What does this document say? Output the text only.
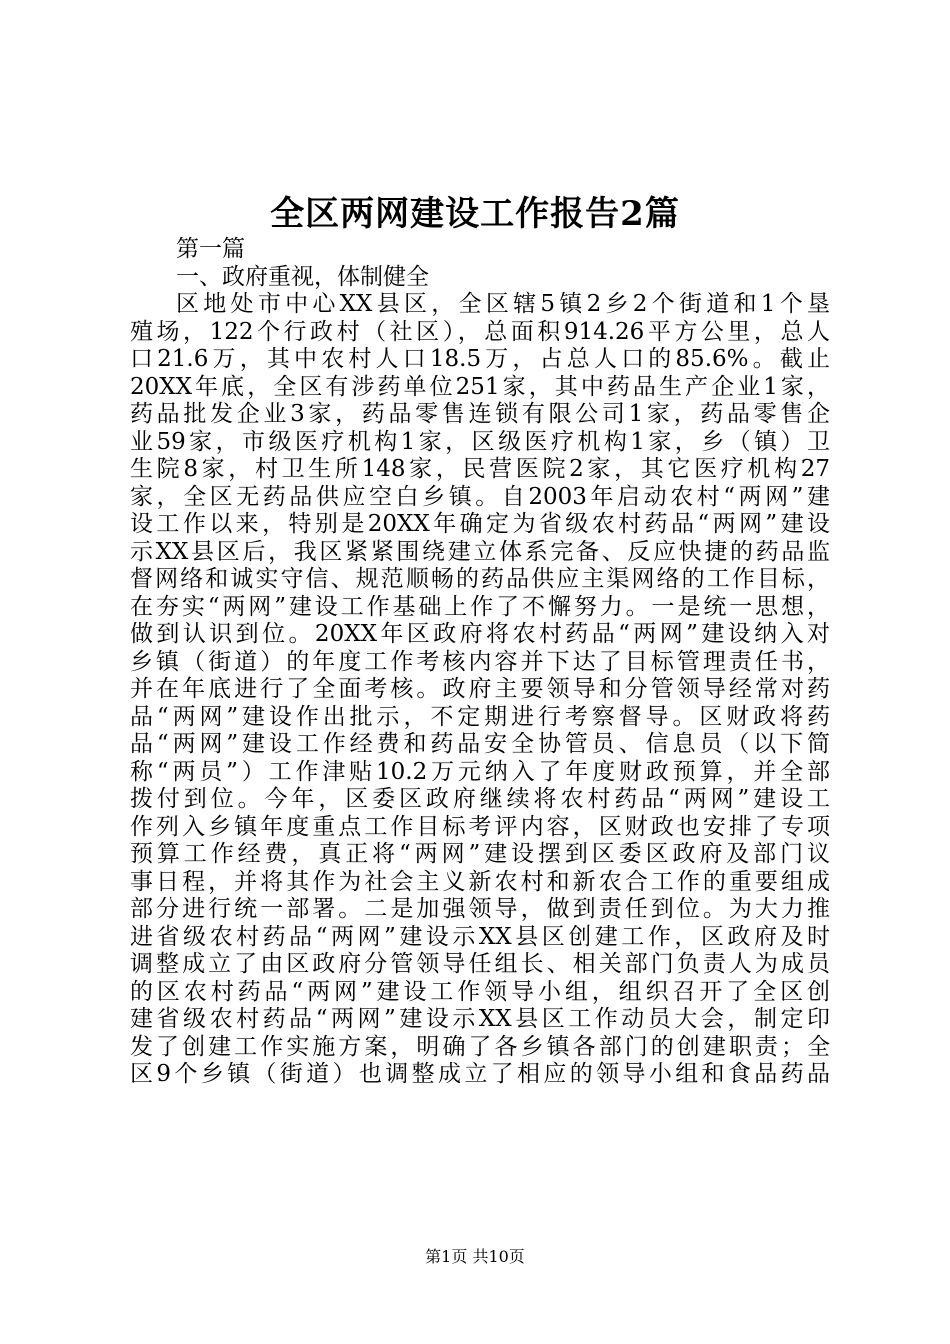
全区两网建设工作报告2篇
第一篇
一、政府重视，体制健全
区地处市中心XX县区，全区辖5镇2乡2个街道和1个垦
殖场，122个行政村（社区），总面积914.26平方公里，总人
口21.6万，其中农村人口18.5万，占总人口的85.6%。截止
20XX年底，全区有涉药单位251家，其中药品生产企业1家，
药品批发企业3家，药品零售连锁有限公司1家，药品零售企
业59家，市级医疗机构1家，区级医疗机构1家，乡（镇）卫
生院8家，村卫生所148家，民营医院2家，其它医疗机构27
家，全区无药品供应空白乡镇。自2003年启动农村“两网”建
设工作以来，特别是20XX年确定为省级农村药品“两网”建设
示XX县区后，我区紧紧围绕建立体系完备、反应快捷的药品监
督网络和诚实守信、规范顺畅的药品供应主渠网络的工作目标，
在夯实“两网”建设工作基础上作了不懈努力。一是统一思想，
做到认识到位。20XX年区政府将农村药品“两网”建设纳入对
乡镇（街道）的年度工作考核内容并下达了目标管理责任书，
并在年底进行了全面考核。政府主要领导和分管领导经常对药
品“两网”建设作出批示，不定期进行考察督导。区财政将药
品“两网”建设工作经费和药品安全协管员、信息员（以下简
称“两员”）工作津贴10.2万元纳入了年度财政预算，并全部
拨付到位。今年，区委区政府继续将农村药品“两网”建设工
作列入乡镇年度重点工作目标考评内容，区财政也安排了专项
预算工作经费，真正将“两网”建设摆到区委区政府及部门议
事日程，并将其作为社会主义新农村和新农合工作的重要组成
部分进行统一部署。二是加强领导，做到责任到位。为大力推
进省级农村药品“两网”建设示XX县区创建工作，区政府及时
调整成立了由区政府分管领导任组长、相关部门负责人为成员
的区农村药品“两网”建设工作领导小组，组织召开了全区创
建省级农村药品“两网”建设示XX县区工作动员大会，制定印
发了创建工作实施方案，明确了各乡镇各部门的创建职责；全
区9个乡镇（街道）也调整成立了相应的领导小组和食品药品
第1页 共10页
